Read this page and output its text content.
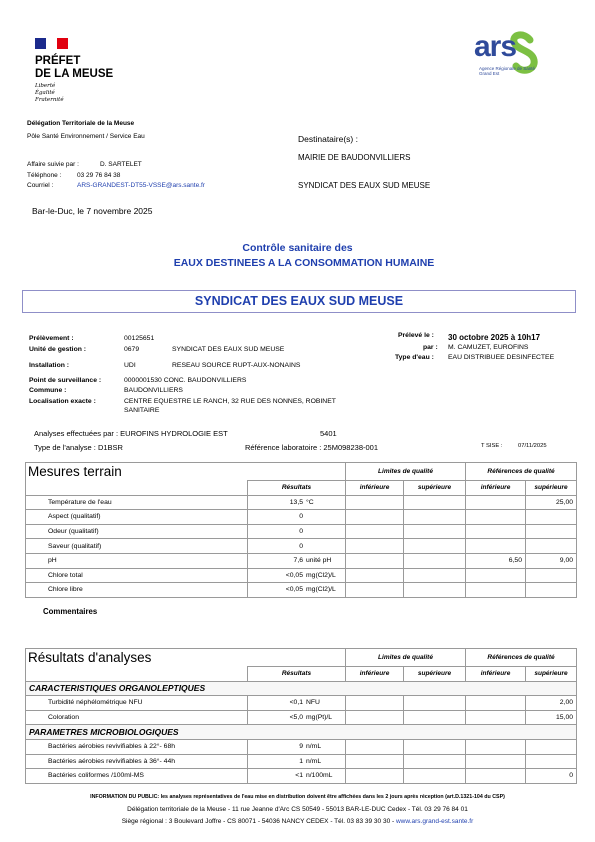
PRÉFET
DE LA MEUSE
Liberté
Égalité
Fraternité
ars
Agence Régionale de Santé
Grand Est
Délégation Territoriale de la Meuse
Pôle Santé Environnement / Service Eau
Affaire suivie par :	D. SARTELET
Téléphone : 03 29 76 84 38
Courriel :	ARS-GRANDEST-DT55-VSSE@ars.sante.fr
Destinataire(s) :
MAIRIE DE BAUDONVILLIERS
SYNDICAT DES EAUX SUD MEUSE
Bar-le-Duc, le 7 novembre 2025
Contrôle sanitaire des
EAUX DESTINEES A LA CONSOMMATION HUMAINE
SYNDICAT DES EAUX SUD MEUSE
Prélèvement :	00125651
Unité de gestion :	0679	SYNDICAT DES EAUX SUD MEUSE
Installation :	UDI	RESEAU SOURCE RUPT-AUX-NONAINS
Point de surveillance :	0000001530 CONC. BAUDONVILLIERS
Commune :	BAUDONVILLIERS
Localisation exacte :	CENTRE EQUESTRE LE RANCH, 32 RUE DES NONNES, ROBINET
SANITAIRE
Prélevé le : 30 octobre 2025 à 10h17
par : M. CAMUZET, EUROFINS
Type d'eau : EAU DISTRIBUEE DESINFECTEE
Analyses effectuées par : EUROFINS HYDROLOGIE EST	5401
Type de l'analyse : D1BSR	Référence laboratoire : 25M098238-001	T SISE :	07/11/2025
Mesures terrain		Limites de qualité		Références de qualité	
	Résultats	inférieure	supérieure	inférieure	supérieure
Température de l'eau	13,5 °C				25,00
Aspect (qualitatif)	0				
Odeur (qualitatif)	0				
Saveur (qualitatif)	0				
pH	7,6 unité pH			6,50	9,00
Chlore total	<0,05 mg(Cl2)/L				
Chlore libre	<0,05 mg(Cl2)/L				
Commentaires
Résultats d'analyses		Limites de qualité		Références de qualité	
	Résultats	inférieure	supérieure	inférieure	supérieure
CARACTERISTIQUES ORGANOLEPTIQUES					
Turbidité néphélométrique NFU	<0,1 NFU				2,00
Coloration	<5,0 mg(Pt)/L				15,00
PARAMETRES MICROBIOLOGIQUES					
Bactéries aérobies revivifiables à 22°- 68h	9 n/mL				
Bactéries aérobies revivifiables à 36°- 44h	1 n/mL				
Bactéries coliformes /100ml-MS	<1 n/100mL				0
INFORMATION DU PUBLIC: les analyses représentatives de l'eau mise en distribution doivent être affichées dans les 2 jours après réception (art.D.1321-104 du CSP)
Délégation territoriale de la Meuse - 11 rue Jeanne d'Arc CS 50549 - 55013 BAR-LE-DUC Cedex - Tél. 03 29 76 84 01
Siège régional : 3 Boulevard Joffre - CS 80071 - 54036 NANCY CEDEX - Tél. 03 83 39 30 30 - www.ars.grand-est.sante.fr
